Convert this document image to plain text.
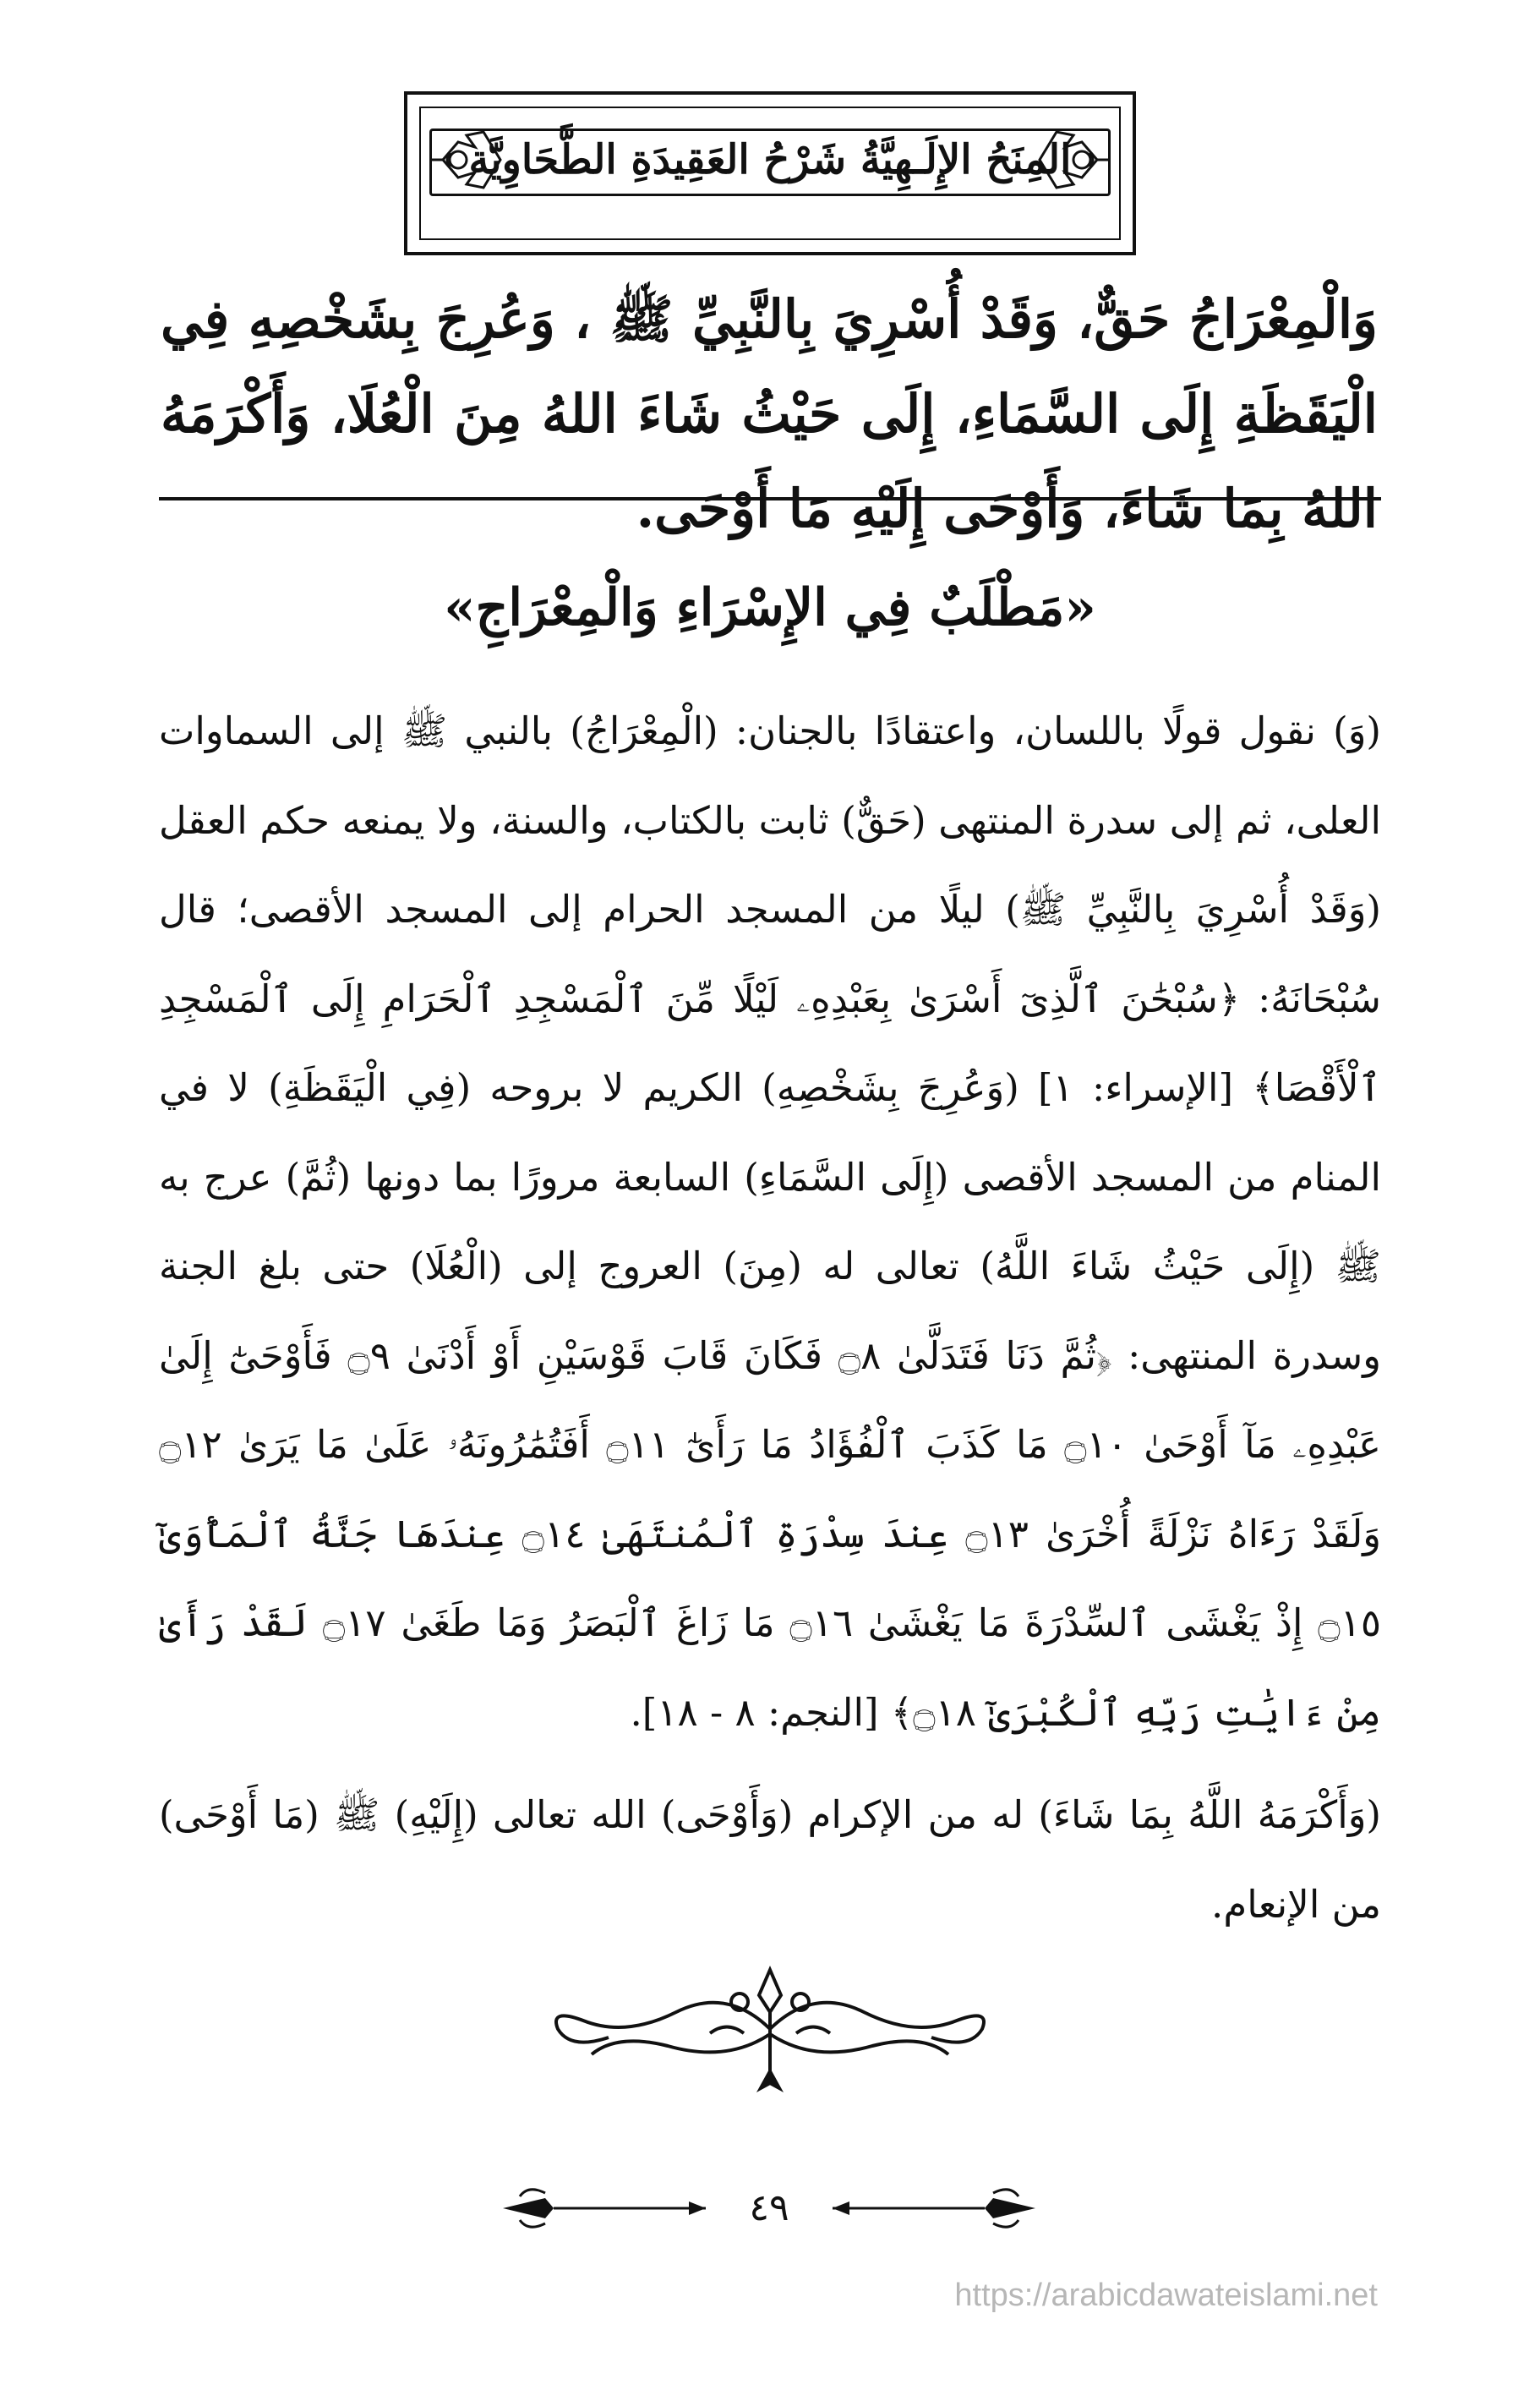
المِنَحُ الإِلَـهِيَّةُ شَرْحُ العَقِيدَةِ الطَّحَاوِيَّة
وَالْمِعْرَاجُ حَقٌّ، وَقَدْ أُسْرِيَ بِالنَّبِيِّ ﷺ ، وَعُرِجَ بِشَخْصِهِ فِي الْيَقَظَةِ إِلَى السَّمَاءِ، إِلَى حَيْثُ شَاءَ اللهُ مِنَ الْعُلَا، وَأَكْرَمَهُ اللهُ بِمَا شَاءَ، وَأَوْحَى إِلَيْهِ مَا أَوْحَى.
«مَطْلَبٌ فِي الإِسْرَاءِ وَالْمِعْرَاجِ»

(وَ) نقول قولًا باللسان، واعتقادًا بالجنان: (الْمِعْرَاجُ) بالنبي ﷺ إلى السماوات العلى، ثم إلى سدرة المنتهى (حَقٌّ) ثابت بالكتاب، والسنة، ولا يمنعه حكم العقل (وَقَدْ أُسْرِيَ بِالنَّبِيِّ ﷺ) ليلًا من المسجد الحرام إلى المسجد الأقصى؛ قال سُبْحَانَهُ: ﴿سُبْحَٰنَ ٱلَّذِىٓ أَسْرَىٰ بِعَبْدِهِۦ لَيْلًا مِّنَ ٱلْمَسْجِدِ ٱلْحَرَامِ إِلَى ٱلْمَسْجِدِ ٱلْأَقْصَا﴾ [الإسراء: ١] (وَعُرِجَ بِشَخْصِهِ) الكريم لا بروحه (فِي الْيَقَظَةِ) لا في المنام من المسجد الأقصى (إِلَى السَّمَاءِ) السابعة مرورًا بما دونها (ثُمَّ) عرج به ﷺ (إِلَى حَيْثُ شَاءَ اللَّهُ) تعالى له (مِنَ) العروج إلى (الْعُلَا) حتى بلغ الجنة وسدرة المنتهى: ﴿ثُمَّ دَنَا فَتَدَلَّىٰ ۝٨ فَكَانَ قَابَ قَوْسَيْنِ أَوْ أَدْنَىٰ ۝٩ فَأَوْحَىٰٓ إِلَىٰ عَبْدِهِۦ مَآ أَوْحَىٰ ۝١٠ مَا كَذَبَ ٱلْفُؤَادُ مَا رَأَىٰٓ ۝١١ أَفَتُمَٰرُونَهُۥ عَلَىٰ مَا يَرَىٰ ۝١٢ وَلَقَدْ رَءَاهُ نَزْلَةً أُخْرَىٰ ۝١٣ عِندَ سِدْرَةِ ٱلْمُنتَهَىٰ ۝١٤ عِندَهَا جَنَّةُ ٱلْمَأْوَىٰٓ ۝١٥ إِذْ يَغْشَى ٱلسِّدْرَةَ مَا يَغْشَىٰ ۝١٦ مَا زَاغَ ٱلْبَصَرُ وَمَا طَغَىٰ ۝١٧ لَقَدْ رَأَىٰ مِنْ ءَايَٰتِ رَبِّهِ ٱلْكُبْرَىٰٓ ۝١٨﴾ [النجم: ٨ - ١٨].

(وَأَكْرَمَهُ اللَّهُ بِمَا شَاءَ) له من الإكرام (وَأَوْحَى) الله تعالى (إِلَيْهِ) ﷺ (مَا أَوْحَى) من الإنعام.

٤٩
https://arabicdawateislami.net
